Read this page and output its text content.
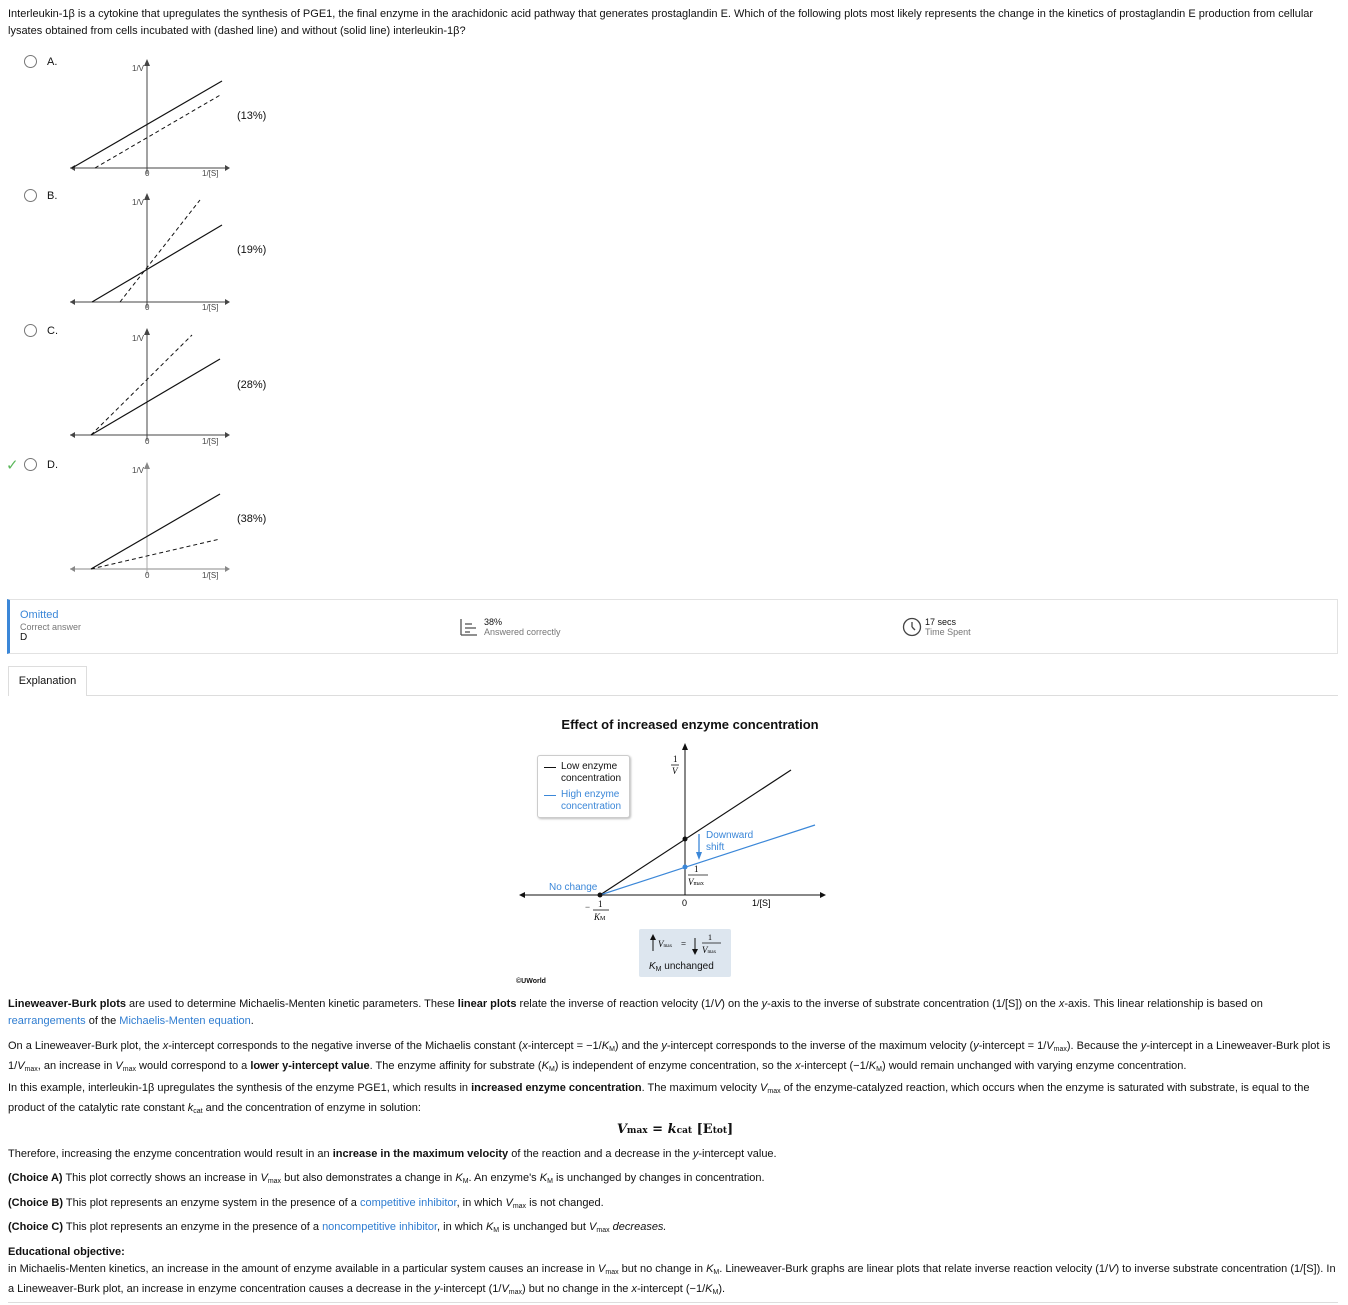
Interleukin-1β is a cytokine that upregulates the synthesis of PGE1, the final enzyme in the arachidonic acid pathway that generates prostaglandin E. Which of the following plots most likely represents the change in the kinetics of prostaglandin E production from cellular lysates obtained from cells incubated with (dashed line) and without (solid line) interleukin-1β?
A.
(13%)
1/V
0	1/[S]
B.
(19%)
1/V
0	1/[S]
C.
(28%)
1/V
0	1/[S]
✓	D.
(38%)
1/V
0	1/[S]
Omitted
Correct answer
D
38%
Answered correctly
17 secs
Time Spent
Explanation
Effect of increased enzyme concentration
Downward
shift
No change
1
V
1
Vmax
0	1/[S]
− 1
KM
Low enzyme concentration
High enzyme concentration
Vmax =
1
Vmax
$K_M$ unchanged
©UWorld
Lineweaver-Burk plots are used to determine Michaelis-Menten kinetic parameters. These linear plots relate the inverse of reaction velocity (1/V) on the y-axis to the inverse of substrate concentration (1/[S]) on the x-axis. This linear relationship is based on rearrangements of the Michaelis-Menten equation.
On a Lineweaver-Burk plot, the x-intercept corresponds to the negative inverse of the Michaelis constant (x-intercept = $-1/K_M$) and the y-intercept corresponds to the inverse of the maximum velocity (y-intercept = $1/V_{max}$). Because the y-intercept in a Lineweaver-Burk plot is $1/V_{max}$, an increase in $V_{max}$ would correspond to a lower y-intercept value. The enzyme affinity for substrate $(K_M)$ is independent of enzyme concentration, so the x-intercept $(-1/K_M)$ would remain unchanged with varying enzyme concentration.
In this example, interleukin-1β upregulates the synthesis of the enzyme PGE1, which results in increased enzyme concentration. The maximum velocity $V_{max}$ of the enzyme-catalyzed reaction, which occurs when the enzyme is saturated with substrate, is equal to the product of the catalytic rate constant $k_{cat}$ and the concentration of enzyme in solution:
Vmax = kcat [Etot]
Therefore, increasing the enzyme concentration would result in an increase in the maximum velocity of the reaction and a decrease in the y-intercept value.
(Choice A) This plot correctly shows an increase in $V_{max}$ but also demonstrates a change in $K_M$. An enzyme's $K_M$ is unchanged by changes in concentration.
(Choice B) This plot represents an enzyme system in the presence of a competitive inhibitor, in which $V_{max}$ is not changed.
(Choice C) This plot represents an enzyme in the presence of a noncompetitive inhibitor, in which $K_M$ is unchanged but $V_{max}$ decreases.
Educational objective:
in Michaelis-Menten kinetics, an increase in the amount of enzyme available in a particular system causes an increase in $V_{max}$ but no change in $K_M$. Lineweaver-Burk graphs are linear plots that relate inverse reaction velocity (1/V) to inverse substrate concentration (1/[S]). In a Lineweaver-Burk plot, an increase in enzyme concentration causes a decrease in the y-intercept $(1/V_{max})$ but no change in the x-intercept $(-1/K_M)$.
